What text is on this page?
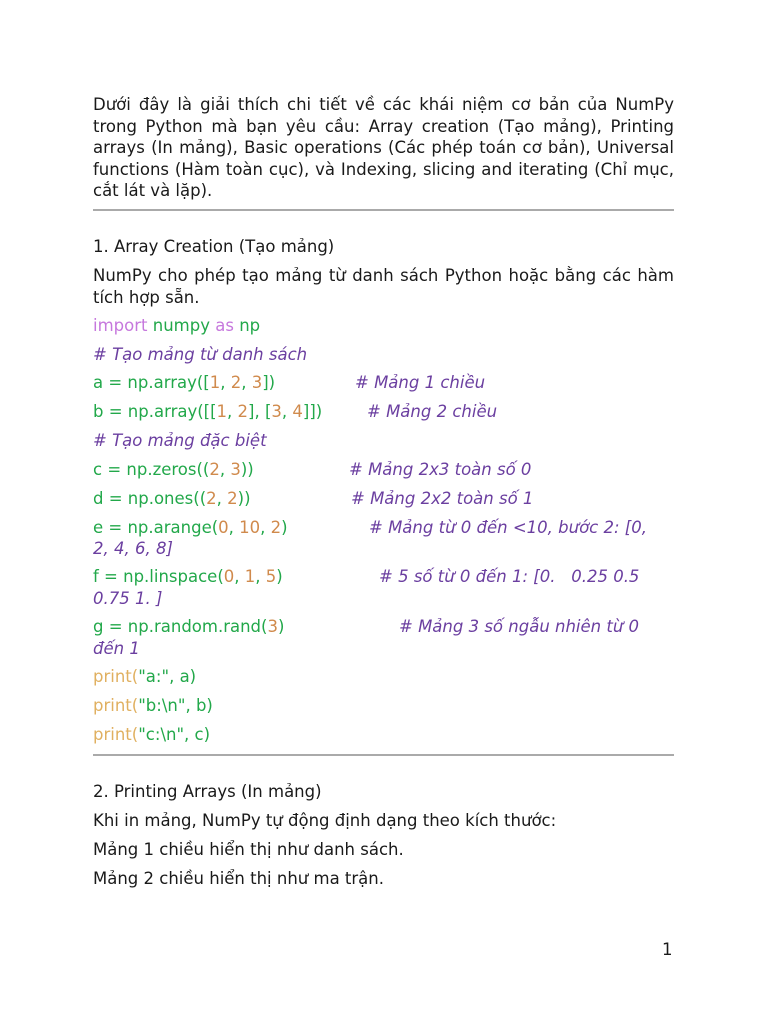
Dưới đây là giải thích chi tiết về các khái niệm cơ bản của NumPy trong Python mà bạn yêu cầu: Array creation (Tạo mảng), Printing arrays (In mảng), Basic operations (Các phép toán cơ bản), Universal functions (Hàm toàn cục), và Indexing, slicing and iterating (Chỉ mục, cắt lát và lặp).

1. Array Creation (Tạo mảng)

NumPy cho phép tạo mảng từ danh sách Python hoặc bằng các hàm tích hợp sẵn.

import numpy as np
# Tạo mảng từ danh sách
a = np.array([1, 2, 3])	# Mảng 1 chiều
b = np.array([[1, 2], [3, 4]])	# Mảng 2 chiều
# Tạo mảng đặc biệt
c = np.zeros((2, 3))	# Mảng 2x3 toàn số 0
d = np.ones((2, 2))	# Mảng 2x2 toàn số 1
e = np.arange(0, 10, 2)	# Mảng từ 0 đến <10, bước 2: [0,
2, 4, 6, 8]
f = np.linspace(0, 1, 5)	# 5 số từ 0 đến 1: [0.   0.25 0.5
0.75 1. ]
g = np.random.rand(3)	# Mảng 3 số ngẫu nhiên từ 0
đến 1
print("a:", a)
print("b:\n", b)
print("c:\n", c)

2. Printing Arrays (In mảng)

Khi in mảng, NumPy tự động định dạng theo kích thước:

Mảng 1 chiều hiển thị như danh sách.

Mảng 2 chiều hiển thị như ma trận.

1
